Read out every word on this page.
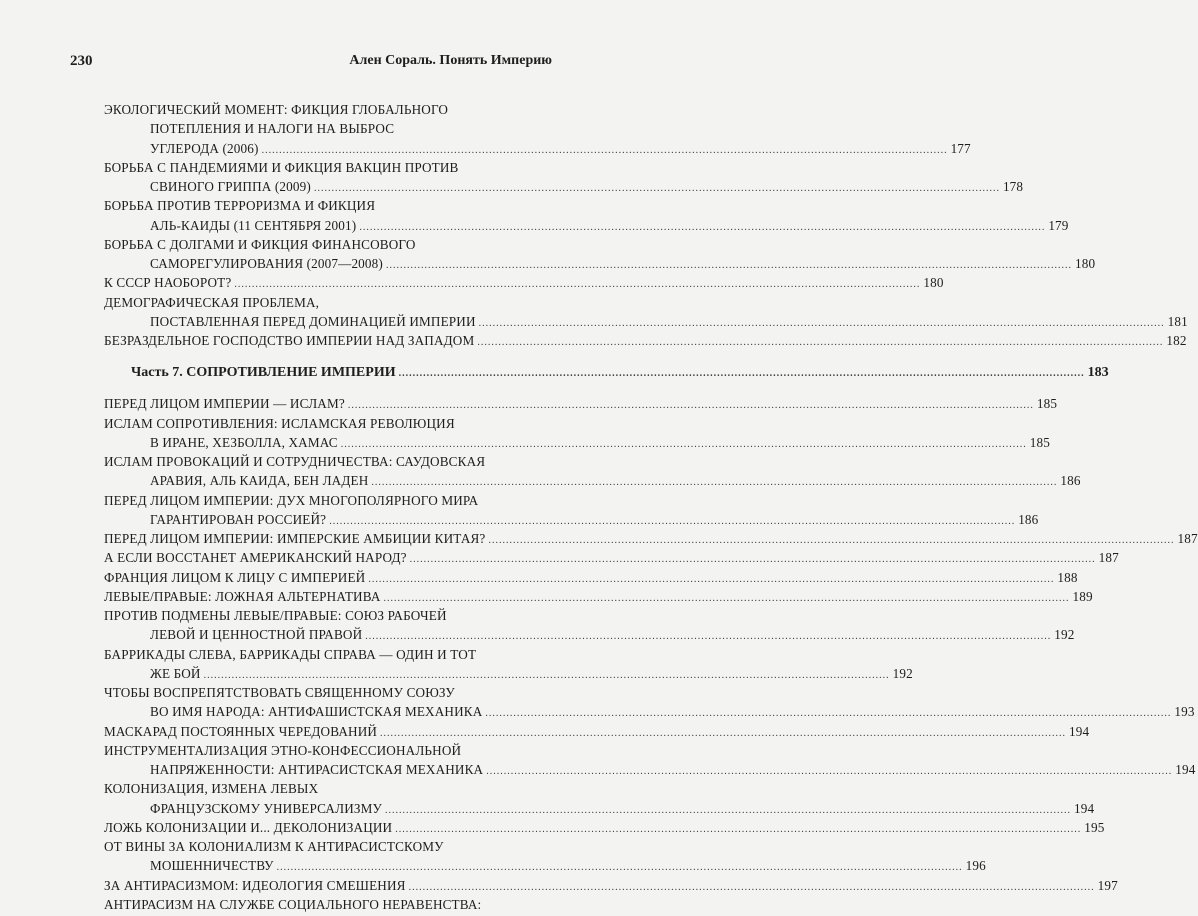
230	Ален Сораль. Понять Империю
ЭКОЛОГИЧЕСКИЙ МОМЕНТ: ФИКЦИЯ ГЛОБАЛЬНОГО
ПОТЕПЛЕНИЯ И НАЛОГИ НА ВЫБРОС
УГЛЕРОДА (2006) .....	177
БОРЬБА С ПАНДЕМИЯМИ И ФИКЦИЯ ВАКЦИН ПРОТИВ
СВИНОГО ГРИППА (2009) .....	178
БОРЬБА ПРОТИВ ТЕРРОРИЗМА И ФИКЦИЯ
АЛЬ-КАИДЫ (11 СЕНТЯБРЯ 2001) .....	179
БОРЬБА С ДОЛГАМИ И ФИКЦИЯ ФИНАНСОВОГО
САМОРЕГУЛИРОВАНИЯ (2007—2008) .....	180
К СССР НАОБОРОТ? .....	180
ДЕМОГРАФИЧЕСКАЯ ПРОБЛЕМА,
ПОСТАВЛЕННАЯ ПЕРЕД ДОМИНАЦИЕЙ ИМПЕРИИ .....	181
БЕЗРАЗДЕЛЬНОЕ ГОСПОДСТВО ИМПЕРИИ НАД ЗАПАДОМ .....	182
Часть 7. СОПРОТИВЛЕНИЕ ИМПЕРИИ .....	183
ПЕРЕД ЛИЦОМ ИМПЕРИИ — ИСЛАМ? .....	185
ИСЛАМ СОПРОТИВЛЕНИЯ: ИСЛАМСКАЯ РЕВОЛЮЦИЯ
В ИРАНЕ, ХЕЗБОЛЛА, ХАМАС .....	185
ИСЛАМ ПРОВОКАЦИЙ И СОТРУДНИЧЕСТВА: САУДОВСКАЯ
АРАВИЯ, АЛЬ КАИДА, БЕН ЛАДЕН .....	186
ПЕРЕД ЛИЦОМ ИМПЕРИИ: ДУХ МНОГОПОЛЯРНОГО МИРА
ГАРАНТИРОВАН РОССИЕЙ? .....	186
ПЕРЕД ЛИЦОМ ИМПЕРИИ: ИМПЕРСКИЕ АМБИЦИИ КИТАЯ? .....	187
А ЕСЛИ ВОССТАНЕТ АМЕРИКАНСКИЙ НАРОД? .....	187
ФРАНЦИЯ ЛИЦОМ К ЛИЦУ С ИМПЕРИЕЙ .....	188
ЛЕВЫЕ/ПРАВЫЕ: ЛОЖНАЯ АЛЬТЕРНАТИВА .....	189
ПРОТИВ ПОДМЕНЫ ЛЕВЫЕ/ПРАВЫЕ: СОЮЗ РАБОЧЕЙ
ЛЕВОЙ И ЦЕННОСТНОЙ ПРАВОЙ .....	192
БАРРИКАДЫ СЛЕВА, БАРРИКАДЫ СПРАВА — ОДИН И ТОТ
ЖЕ БОЙ .....	192
ЧТОБЫ ВОСПРЕПЯТСТВОВАТЬ СВЯЩЕННОМУ СОЮЗУ
ВО ИМЯ НАРОДА: АНТИФАШИСТСКАЯ МЕХАНИКА .....	193
МАСКАРАД ПОСТОЯННЫХ ЧЕРЕДОВАНИЙ .....	194
ИНСТРУМЕНТАЛИЗАЦИЯ ЭТНО-КОНФЕССИОНАЛЬНОЙ
НАПРЯЖЕННОСТИ: АНТИРАСИСТСКАЯ МЕХАНИКА .....	194
КОЛОНИЗАЦИЯ, ИЗМЕНА ЛЕВЫХ
ФРАНЦУЗСКОМУ УНИВЕРСАЛИЗМУ .....	194
ЛОЖЬ КОЛОНИЗАЦИИ И... ДЕКОЛОНИЗАЦИИ .....	195
ОТ ВИНЫ ЗА КОЛОНИАЛИЗМ К АНТИРАСИСТСКОМУ
МОШЕННИЧЕСТВУ .....	196
ЗА АНТИРАСИЗМОМ: ИДЕОЛОГИЯ СМЕШЕНИЯ .....	197
АНТИРАСИЗМ НА СЛУЖБЕ СОЦИАЛЬНОГО НЕРАВЕНСТВА:
